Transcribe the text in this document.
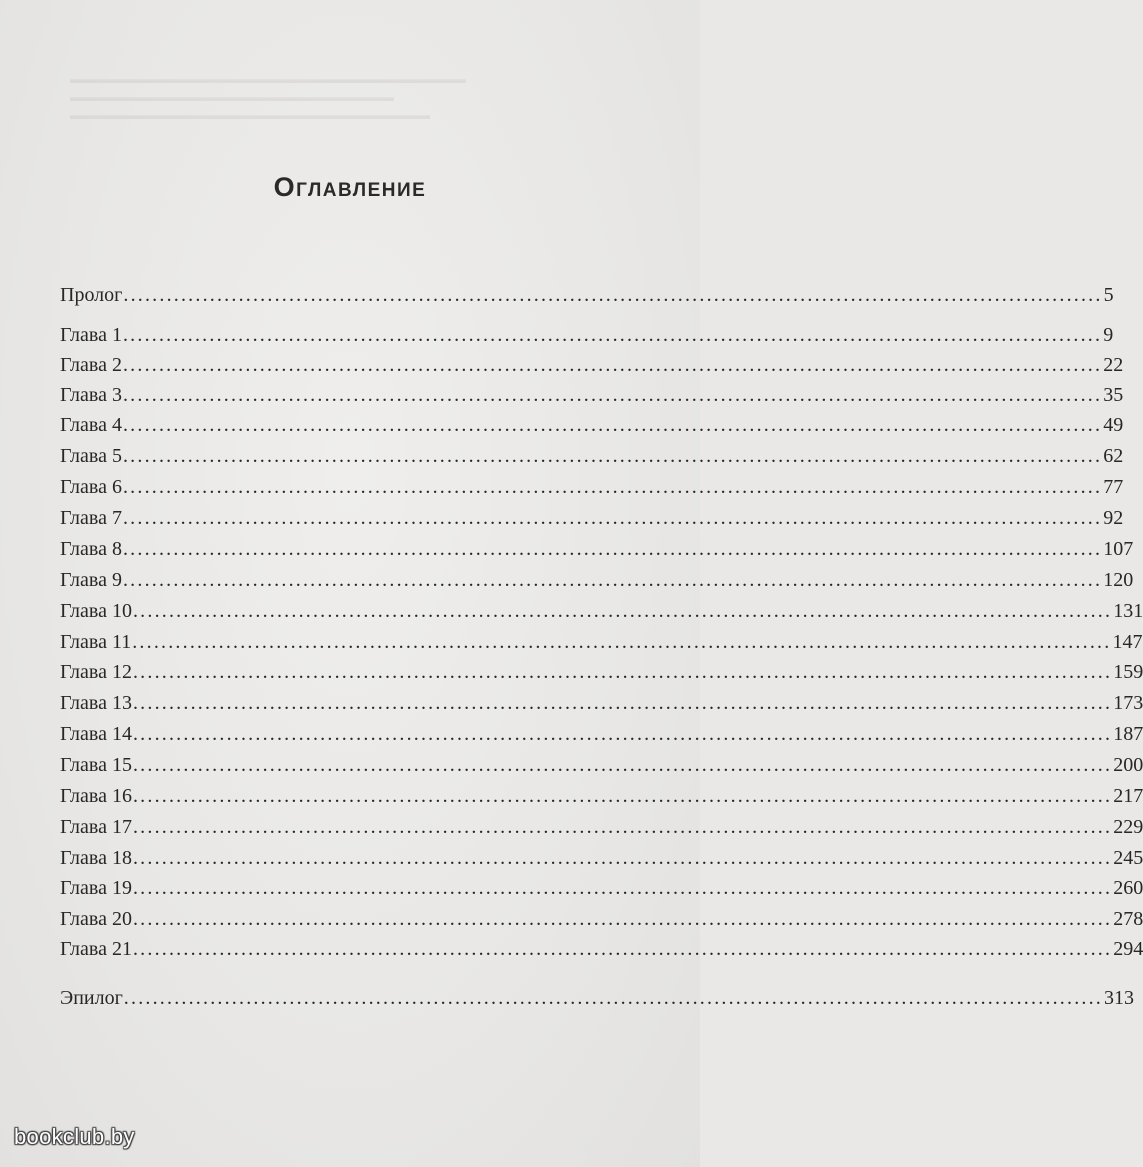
▬▬▬▬▬▬▬▬▬▬▬▬▬▬▬▬▬▬▬▬▬▬▬▬▬▬▬▬▬▬▬▬▬
▬▬▬▬▬▬▬▬▬▬▬▬▬▬▬▬▬▬▬▬▬▬▬▬▬▬▬
▬▬▬▬▬▬▬▬▬▬▬▬▬▬▬▬▬▬▬▬▬▬▬▬▬▬▬▬▬▬
Оглавление
Пролог ........................................................................................................................................ 5
Глава 1 ........................................................................................................................................ 9
Глава 2 ........................................................................................................................................ 22
Глава 3 ........................................................................................................................................ 35
Глава 4 ........................................................................................................................................ 49
Глава 5 ........................................................................................................................................ 62
Глава 6 ........................................................................................................................................ 77
Глава 7 ........................................................................................................................................ 92
Глава 8 ........................................................................................................................................ 107
Глава 9 ........................................................................................................................................ 120
Глава 10 ........................................................................................................................................ 131
Глава 11 ........................................................................................................................................ 147
Глава 12 ........................................................................................................................................ 159
Глава 13 ........................................................................................................................................ 173
Глава 14 ........................................................................................................................................ 187
Глава 15 ........................................................................................................................................ 200
Глава 16 ........................................................................................................................................ 217
Глава 17 ........................................................................................................................................ 229
Глава 18 ........................................................................................................................................ 245
Глава 19 ........................................................................................................................................ 260
Глава 20 ........................................................................................................................................ 278
Глава 21 ........................................................................................................................................ 294
Эпилог ........................................................................................................................................ 313
bookclub.by
